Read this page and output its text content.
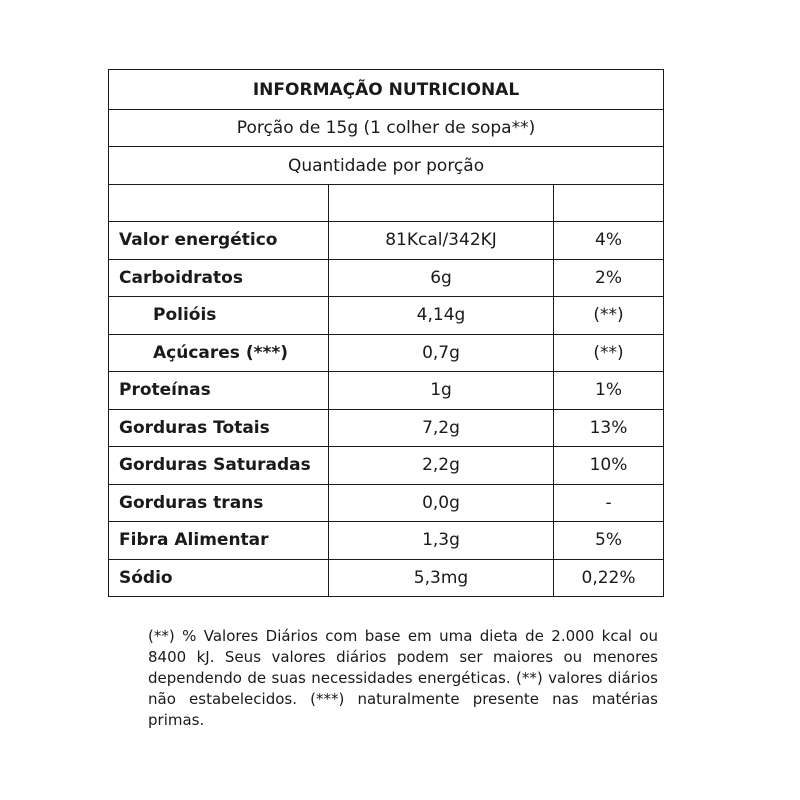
INFORMAÇÃO NUTRICIONAL		
Porção de 15g (1 colher de sopa**)		
Quantidade por porção		

Valor energético	81Kcal/342KJ	4%
Carboidratos	6g	2%
Polióis	4,14g	(**)
Açúcares (***)	0,7g	(**)
Proteínas	1g	1%
Gorduras Totais	7,2g	13%
Gorduras Saturadas	2,2g	10%
Gorduras trans	0,0g	-
Fibra Alimentar	1,3g	5%
Sódio	5,3mg	0,22%

(**) % Valores Diários com base em uma dieta de 2.000 kcal ou 8400 kJ. Seus valores diários podem ser maiores ou menores dependendo de suas necessidades energéticas. (**) valores diários não estabelecidos. (***) naturalmente presente nas matérias primas.
